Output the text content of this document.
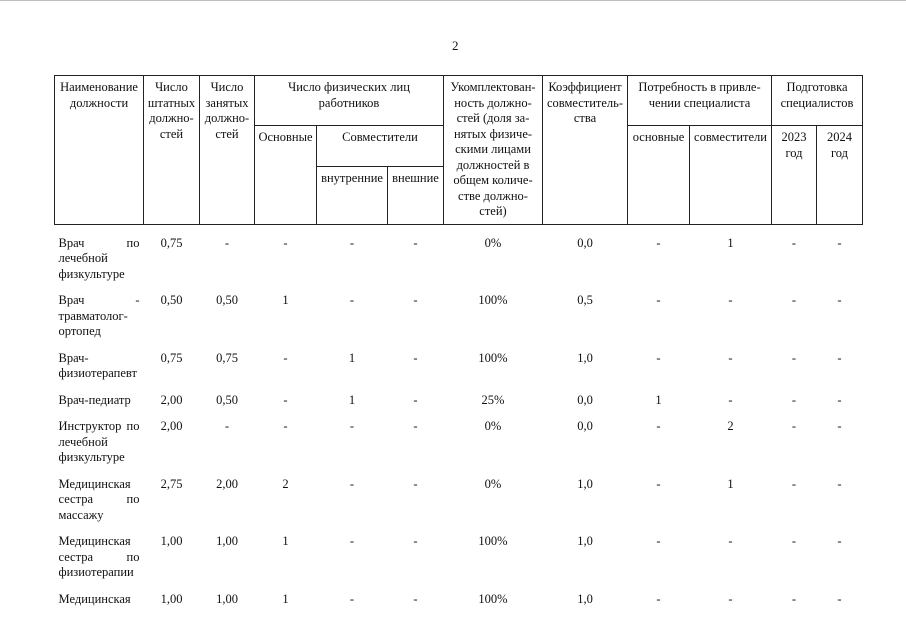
2
Наименование должности	Число штатных должно-стей	Число занятых должно-стей	Число физических лиц работников			Укомплектован-ность должно-стей (доля за-нятых физиче-скими лицами должностей в общем количе-стве должно-стей)	Коэффициент совместитель-ства	Потребность в привле-чении специалиста		Подготовка специалистов	
			Основные	Совместители				основные	совместители	2023 год	2024 год
				внутренние	внешние						
Врач по лечебной физкультуре	0,75	-	-	-	-	0%	0,0	-	1	-	-
Врач - травматолог-ортопед	0,50	0,50	1	-	-	100%	0,5	-	-	-	-
Врач-физиотерапевт	0,75	0,75	-	1	-	100%	1,0	-	-	-	-
Врач-педиатр	2,00	0,50	-	1	-	25%	0,0	1	-	-	-
Инструктор по лечебной физкультуре	2,00	-	-	-	-	0%	0,0	-	2	-	-
Медицинская сестра по массажу	2,75	2,00	2	-	-	0%	1,0	-	1	-	-
Медицинская сестра по физиотерапии	1,00	1,00	1	-	-	100%	1,0	-	-	-	-
Медицинская	1,00	1,00	1	-	-	100%	1,0	-	-	-	-
